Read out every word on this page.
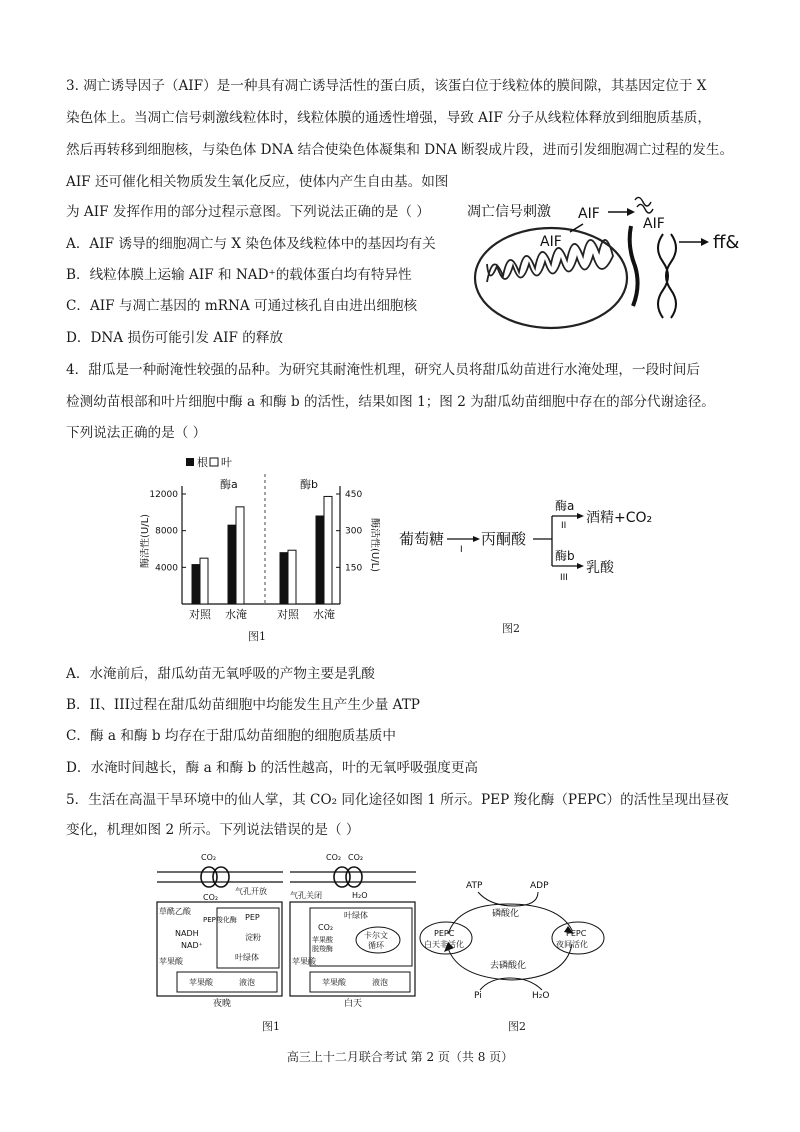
3. 凋亡诱导因子（AIF）是一种具有凋亡诱导活性的蛋白质，该蛋白位于线粒体的膜间隙，其基因定位于 X
染色体上。当凋亡信号刺激线粒体时，线粒体膜的通透性增强，导致 AIF 分子从线粒体释放到细胞质基质，
然后再转移到细胞核，与染色体 DNA 结合使染色体凝集和 DNA 断裂成片段，进而引发细胞凋亡过程的发生。
AIF 还可催化相关物质发生氧化反应，使体内产生自由基。如图
为 AIF 发挥作用的部分过程示意图。下列说法正确的是（ ）
A．AIF 诱导的细胞凋亡与 X 染色体及线粒体中的基因均有关
B．线粒体膜上运输 AIF 和 NAD⁺的载体蛋白均有特异性
C．AIF 与凋亡基因的 mRNA 可通过核孔自由进出细胞核
D．DNA 损伤可能引发 AIF 的释放
凋亡信号刺激
AIF
AIF
AIF
ﬀ&
4．甜瓜是一种耐淹性较强的品种。为研究其耐淹性机理，研究人员将甜瓜幼苗进行水淹处理，一段时间后
检测幼苗根部和叶片细胞中酶 a 和酶 b 的活性，结果如图 1；图 2 为甜瓜幼苗细胞中存在的部分代谢途径。
下列说法正确的是（ ）
根 叶
酶a	酶b
酶活性(U/L)	酶活性(U/L)
4000
8000
12000
对照 水淹
150
300
450
对照 水淹
图1
葡萄糖
I
丙酮酸
酶a
II 酒精+CO₂
酶b
III
乳酸
图2
A．水淹前后，甜瓜幼苗无氧呼吸的产物主要是乳酸
B．II、III过程在甜瓜幼苗细胞中均能发生且产生少量 ATP
C．酶 a 和酶 b 均存在于甜瓜幼苗细胞的细胞质基质中
D．水淹时间越长，酶 a 和酶 b 的活性越高，叶的无氧呼吸强度更高
5．生活在高温干旱环境中的仙人掌，其 CO₂ 同化途径如图 1 所示。PEP 羧化酶（PEPC）的活性呈现出昼夜
变化，机理如图 2 所示。下列说法错误的是（ ）
CO₂
CO₂
气孔开放
草酰乙酸
PEP羧化酶 PEP
淀粉
NADH
NAD⁺
苹果酸	叶绿体
苹果酸	液泡
夜晚
CO₂ CO₂
气孔关闭	H₂O
叶绿体
CO₂
苹果酸
脱羧酶
卡尔文
循环
苹果酸
苹果酸	液泡
白天
图1
ATP	ADP
磷酸化
PEPC
白天非活化
PEPC
夜间活化
去磷酸化
Pi	H₂O
图2
高三上十二月联合考试 第 2 页（共 8 页）
